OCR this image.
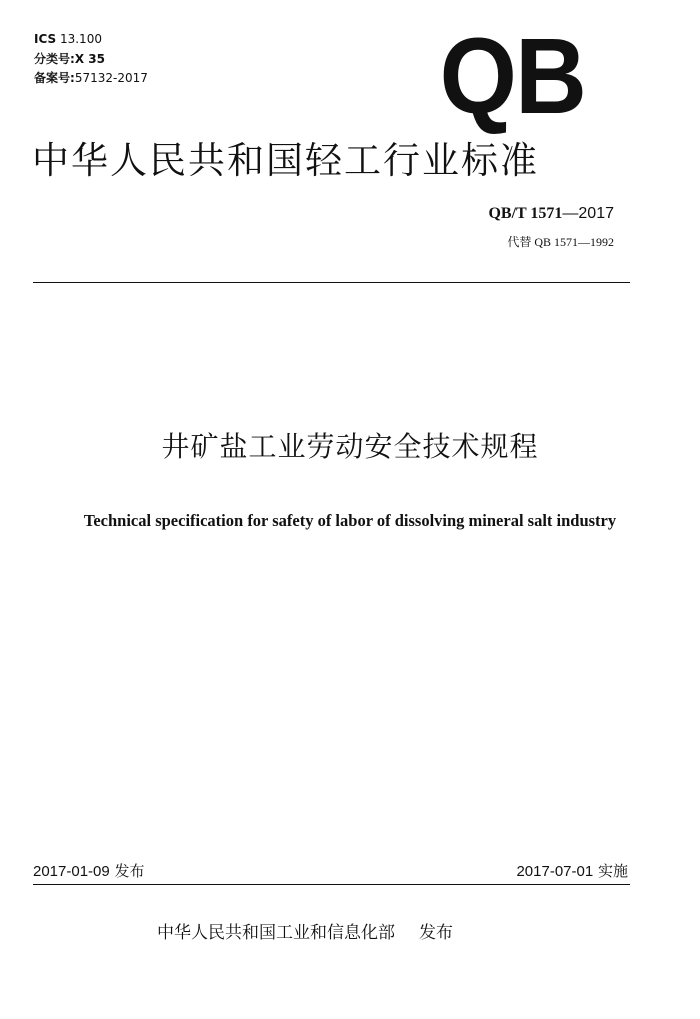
ICS 13.100
分类号:X 35
备案号:57132-2017	QB
中华人民共和国轻工行业标准
QB/T 1571—2017
代替 QB 1571—1992
井矿盐工业劳动安全技术规程
Technical specification for safety of labor of dissolving mineral salt industry
2017-01-09 发布	2017-07-01 实施
中华人民共和国工业和信息化部 发布
